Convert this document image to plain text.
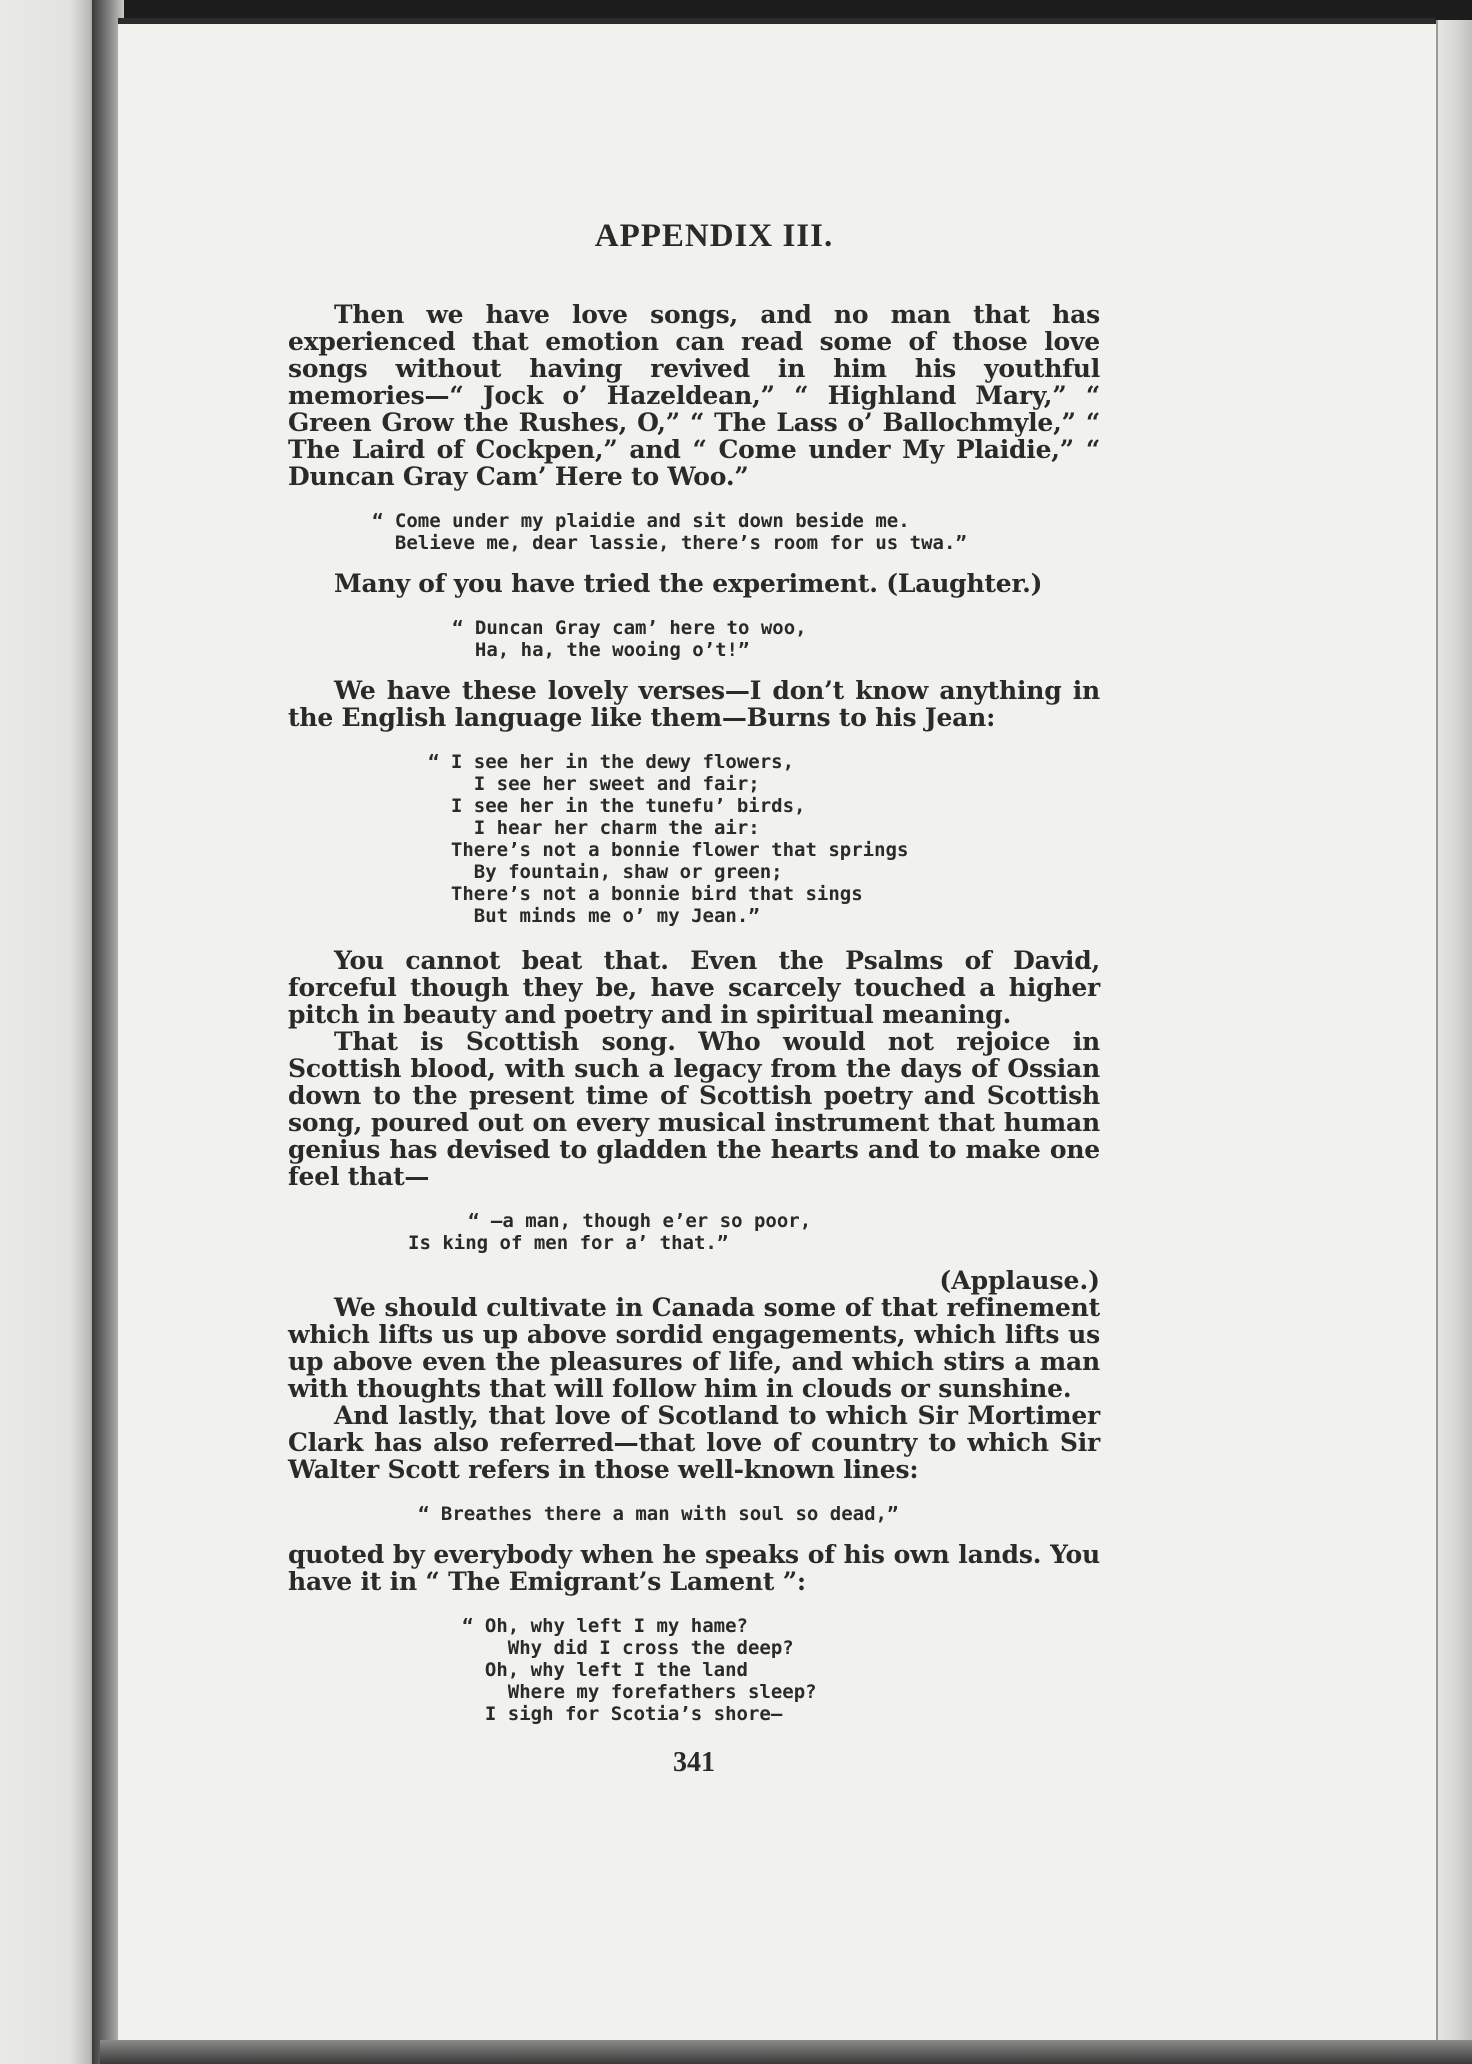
APPENDIX III.

Then we have love songs, and no man that has experienced that emotion can read some of those love songs without having revived in him his youthful memories—“ Jock o’ Hazeldean,” “ Highland Mary,” “ Green Grow the Rushes, O,” “ The Lass o’ Ballochmyle,” “ The Laird of Cockpen,” and “ Come under My Plaidie,” “ Duncan Gray Cam’ Here to Woo.”

“ Come under my plaidie and sit down beside me.
Believe me, dear lassie, there’s room for us twa.”

Many of you have tried the experiment. (Laughter.)

“ Duncan Gray cam’ here to woo,
Ha, ha, the wooing o’t!”

We have these lovely verses—I don’t know anything in the English language like them—Burns to his Jean:

“ I see her in the dewy flowers,
I see her sweet and fair;
I see her in the tunefu’ birds,
I hear her charm the air:
There’s not a bonnie flower that springs
By fountain, shaw or green;
There’s not a bonnie bird that sings
But minds me o’ my Jean.”

You cannot beat that. Even the Psalms of David, forceful though they be, have scarcely touched a higher pitch in beauty and poetry and in spiritual meaning.

That is Scottish song. Who would not rejoice in Scottish blood, with such a legacy from the days of Ossian down to the present time of Scottish poetry and Scottish song, poured out on every musical instrument that human genius has devised to gladden the hearts and to make one feel that—

“ —a man, though e’er so poor,
Is king of men for a’ that.”
(Applause.)

We should cultivate in Canada some of that refinement which lifts us up above sordid engagements, which lifts us up above even the pleasures of life, and which stirs a man with thoughts that will follow him in clouds or sunshine.

And lastly, that love of Scotland to which Sir Mortimer Clark has also referred—that love of country to which Sir Walter Scott refers in those well-known lines:

“ Breathes there a man with soul so dead,”

quoted by everybody when he speaks of his own lands. You have it in “ The Emigrant’s Lament ”:

“ Oh, why left I my hame?
Why did I cross the deep?
Oh, why left I the land
Where my forefathers sleep?
I sigh for Scotia’s shore—
341
